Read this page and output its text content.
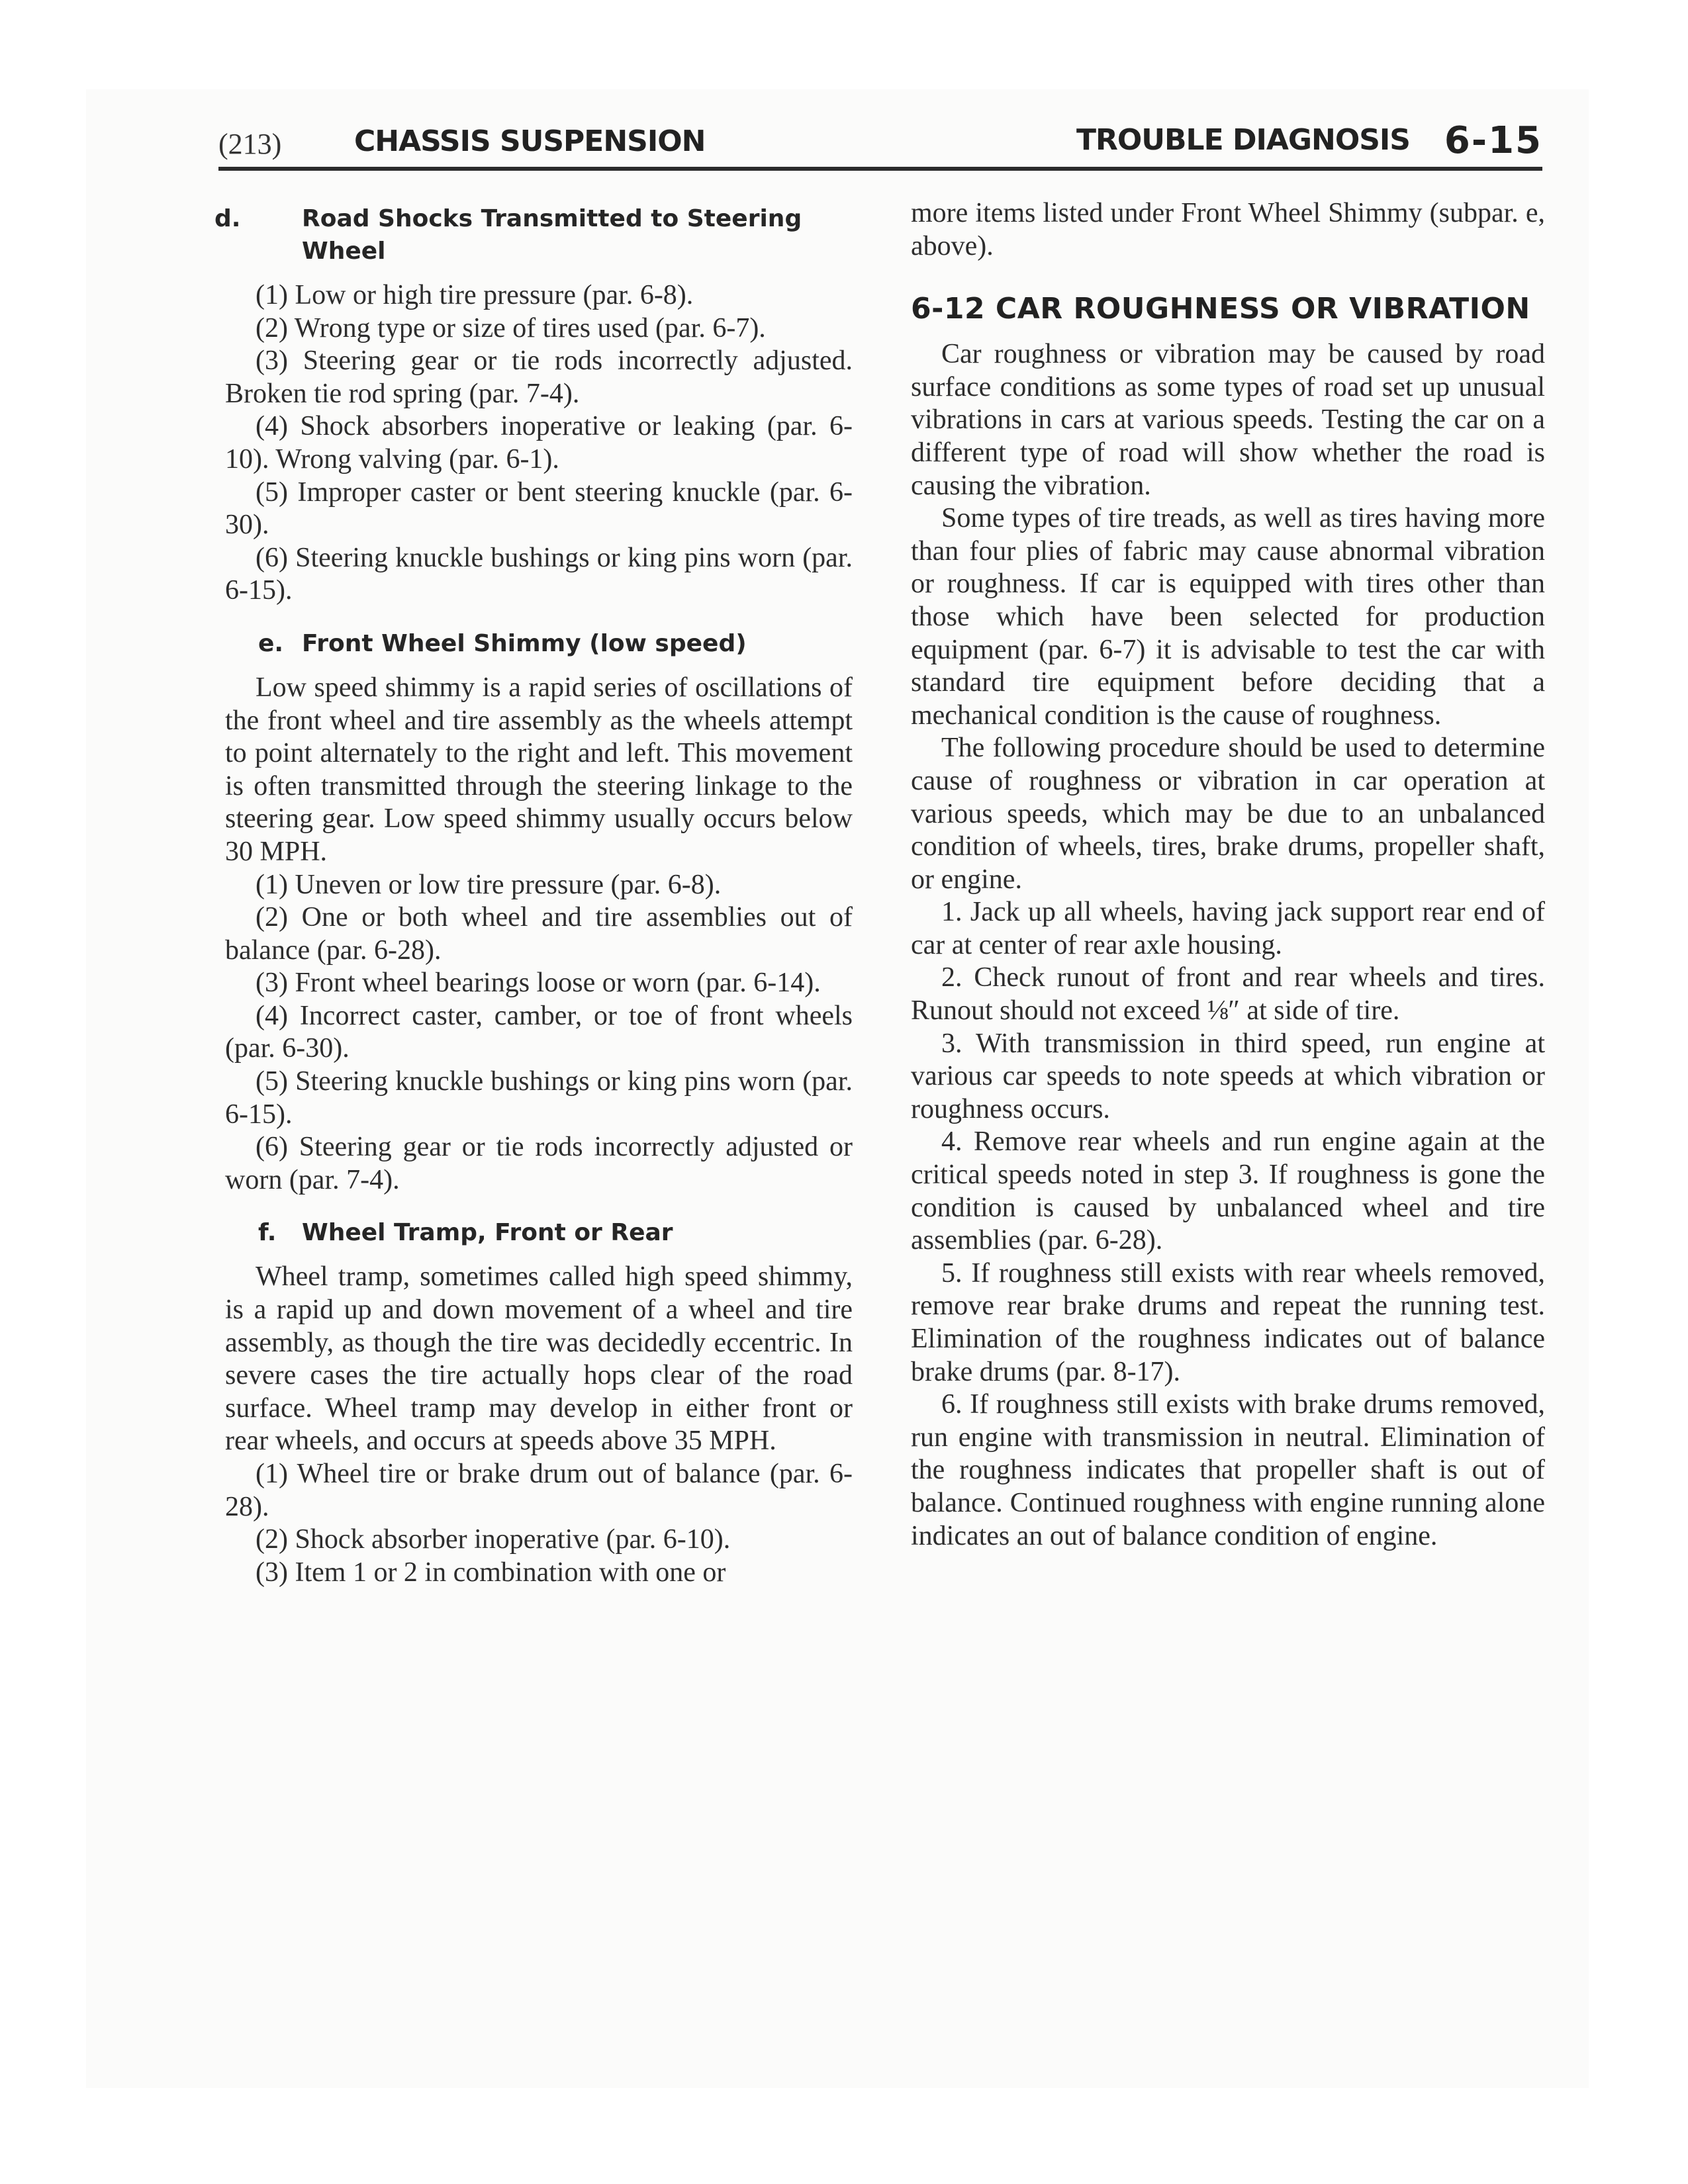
(213) CHASSIS SUSPENSION	TROUBLE DIAGNOSIS 6-15
d.	Road Shocks Transmitted to Steering Wheel

(1) Low or high tire pressure (par. 6-8).

(2) Wrong type or size of tires used (par. 6-7).

(3) Steering gear or tie rods incorrectly adjusted. Broken tie rod spring (par. 7-4).

(4) Shock absorbers inoperative or leaking (par. 6-10). Wrong valving (par. 6-1).

(5) Improper caster or bent steering knuckle (par. 6-30).

(6) Steering knuckle bushings or king pins worn (par. 6-15).

e. Front Wheel Shimmy (low speed)

Low speed shimmy is a rapid series of oscillations of the front wheel and tire assembly as the wheels attempt to point alternately to the right and left. This movement is often transmitted through the steering linkage to the steering gear. Low speed shimmy usually occurs below 30 MPH.

(1) Uneven or low tire pressure (par. 6-8).

(2) One or both wheel and tire assemblies out of balance (par. 6-28).

(3) Front wheel bearings loose or worn (par. 6-14).

(4) Incorrect caster, camber, or toe of front wheels (par. 6-30).

(5) Steering knuckle bushings or king pins worn (par. 6-15).

(6) Steering gear or tie rods incorrectly adjusted or worn (par. 7-4).

f. Wheel Tramp, Front or Rear

Wheel tramp, sometimes called high speed shimmy, is a rapid up and down movement of a wheel and tire assembly, as though the tire was decidedly eccentric. In severe cases the tire actually hops clear of the road surface. Wheel tramp may develop in either front or rear wheels, and occurs at speeds above 35 MPH.

(1) Wheel tire or brake drum out of balance (par. 6-28).

(2) Shock absorber inoperative (par. 6-10).

(3) Item 1 or 2 in combination with one or

more items listed under Front Wheel Shimmy (subpar. e, above).

6-12 CAR ROUGHNESS OR VIBRATION

Car roughness or vibration may be caused by road surface conditions as some types of road set up unusual vibrations in cars at various speeds. Testing the car on a different type of road will show whether the road is causing the vibration.

Some types of tire treads, as well as tires having more than four plies of fabric may cause abnormal vibration or roughness. If car is equipped with tires other than those which have been selected for production equipment (par. 6-7) it is advisable to test the car with standard tire equipment before deciding that a mechanical condition is the cause of roughness.

The following procedure should be used to determine cause of roughness or vibration in car operation at various speeds, which may be due to an unbalanced condition of wheels, tires, brake drums, propeller shaft, or engine.

1. Jack up all wheels, having jack support rear end of car at center of rear axle housing.

2. Check runout of front and rear wheels and tires. Runout should not exceed ⅛″ at side of tire.

3. With transmission in third speed, run engine at various car speeds to note speeds at which vibration or roughness occurs.

4. Remove rear wheels and run engine again at the critical speeds noted in step 3. If roughness is gone the condition is caused by unbalanced wheel and tire assemblies (par. 6-28).

5. If roughness still exists with rear wheels removed, remove rear brake drums and repeat the running test. Elimination of the roughness indicates out of balance brake drums (par. 8-17).

6. If roughness still exists with brake drums removed, run engine with transmission in neutral. Elimination of the roughness indicates that propeller shaft is out of balance. Continued roughness with engine running alone indicates an out of balance condition of engine.
